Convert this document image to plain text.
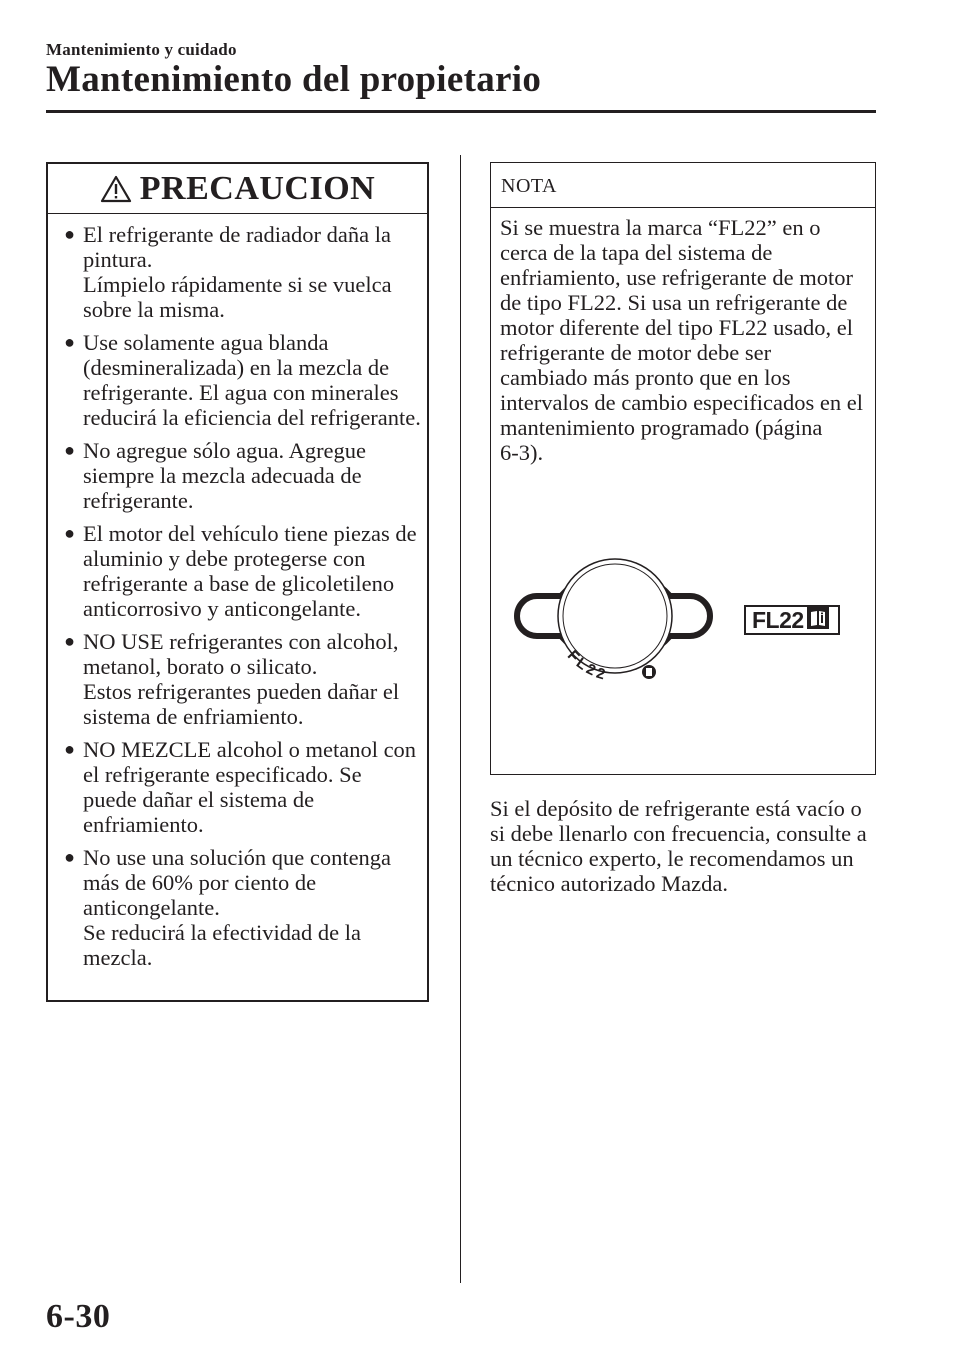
Mantenimiento y cuidado
Mantenimiento del propietario
PRECAUCION
● El refrigerante de radiador daña la
pintura.
Límpielo rápidamente si se vuelca
sobre la misma.
● Use solamente agua blanda
(desmineralizada) en la mezcla de
refrigerante. El agua con minerales
reducirá la eficiencia del refrigerante.
● No agregue sólo agua. Agregue
siempre la mezcla adecuada de
refrigerante.
● El motor del vehículo tiene piezas de
aluminio y debe protegerse con
refrigerante a base de glicoletileno
anticorrosivo y anticongelante.
● NO USE refrigerantes con alcohol,
metanol, borato o silicato.
Estos refrigerantes pueden dañar el
sistema de enfriamiento.
● NO MEZCLE alcohol o metanol con
el refrigerante especificado. Se
puede dañar el sistema de
enfriamiento.
● No use una solución que contenga
más de 60% por ciento de
anticongelante.
Se reducirá la efectividad de la
mezcla.
NOTA
Si se muestra la marca “FL22” en o
cerca de la tapa del sistema de
enfriamiento, use refrigerante de motor
de tipo FL22. Si usa un refrigerante de
motor diferente del tipo FL22 usado, el
refrigerante de motor debe ser
cambiado más pronto que en los
intervalos de cambio especificados en el
mantenimiento programado (página
6-3).
FL22
FL22
Si el depósito de refrigerante está vacío o
si debe llenarlo con frecuencia, consulte a
un técnico experto, le recomendamos un
técnico autorizado Mazda.
6-30
